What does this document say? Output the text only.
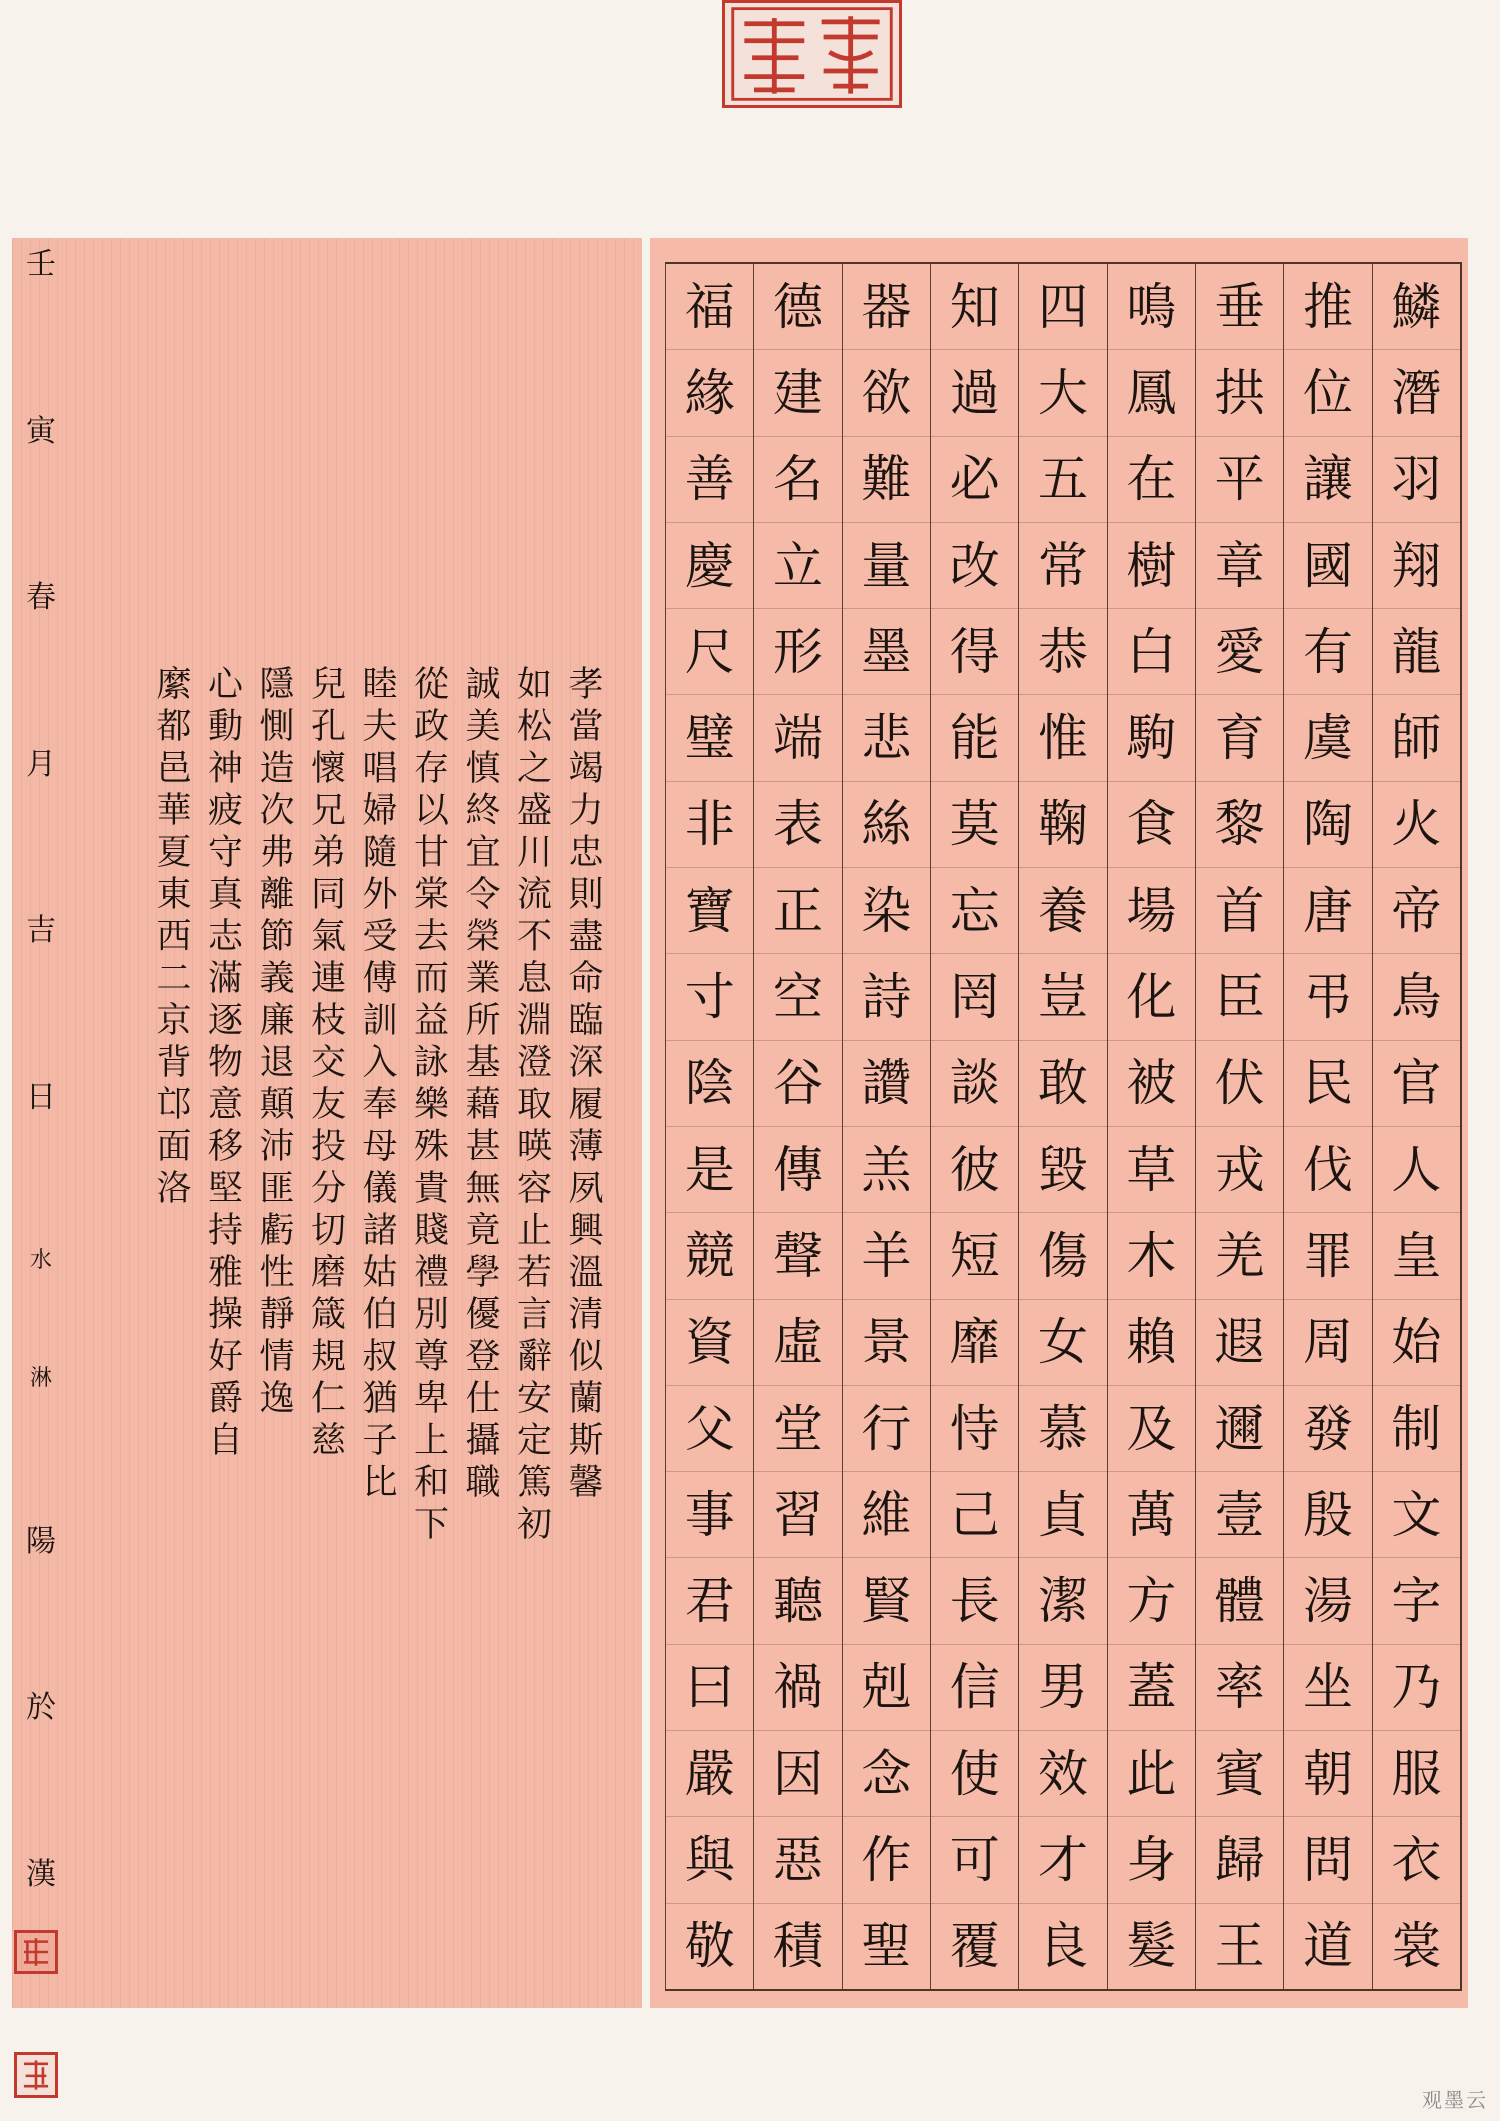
壬
寅
春
月
吉
日
水
淋
陽
於
漢
孝當竭力忠則盡命臨深履薄夙興溫清似蘭斯馨
如松之盛川流不息淵澄取暎容止若言辭安定篤初
誠美慎終宜令榮業所基藉甚無竟學優登仕攝職
從政存以甘棠去而益詠樂殊貴賤禮別尊卑上和下
睦夫唱婦隨外受傅訓入奉母儀諸姑伯叔猶子比
兒孔懷兄弟同氣連枝交友投分切磨箴規仁慈
隱惻造次弗離節義廉退顛沛匪虧性靜情逸
心動神疲守真志滿逐物意移堅持雅操好爵自
縻都邑華夏東西二京背邙面洛
鱗
潛
羽
翔
龍
師
火
帝
鳥
官
人
皇
始
制
文
字
乃
服
衣
裳
推
位
讓
國
有
虞
陶
唐
弔
民
伐
罪
周
發
殷
湯
坐
朝
問
道
垂
拱
平
章
愛
育
黎
首
臣
伏
戎
羌
遐
邇
壹
體
率
賓
歸
王
鳴
鳳
在
樹
白
駒
食
場
化
被
草
木
賴
及
萬
方
蓋
此
身
髮
四
大
五
常
恭
惟
鞠
養
豈
敢
毀
傷
女
慕
貞
潔
男
效
才
良
知
過
必
改
得
能
莫
忘
罔
談
彼
短
靡
恃
己
長
信
使
可
覆
器
欲
難
量
墨
悲
絲
染
詩
讚
羔
羊
景
行
維
賢
剋
念
作
聖
德
建
名
立
形
端
表
正
空
谷
傳
聲
虛
堂
習
聽
禍
因
惡
積
福
緣
善
慶
尺
璧
非
寶
寸
陰
是
競
資
父
事
君
曰
嚴
與
敬
观墨云
